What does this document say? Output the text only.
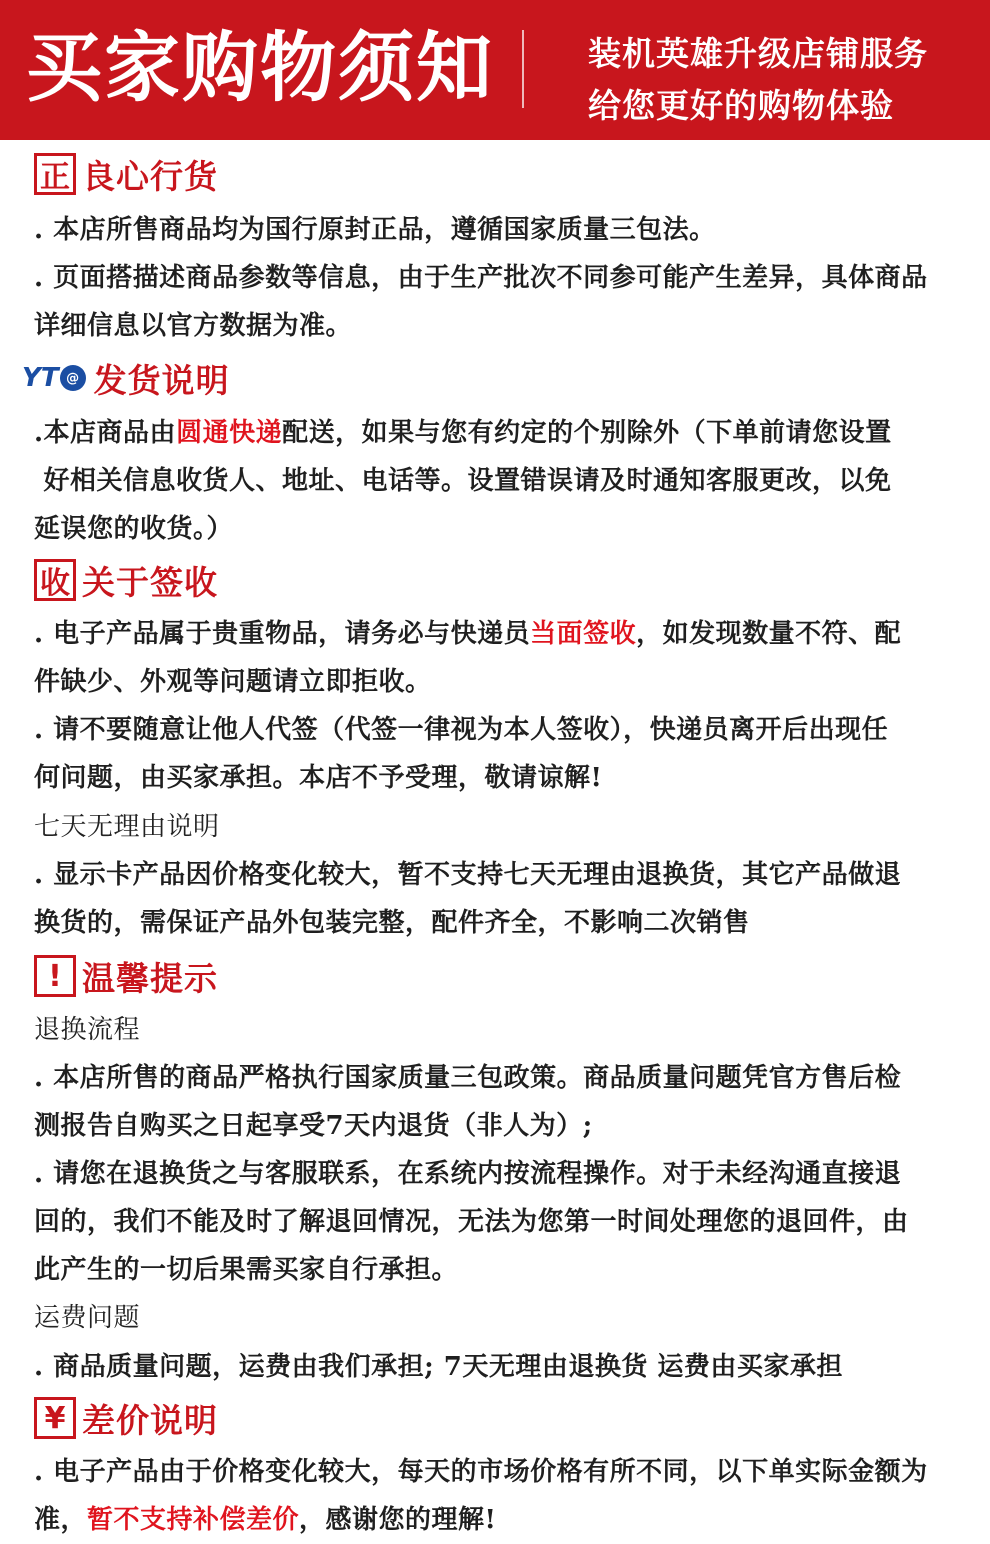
买家购物须知	装机英雄升级店铺服务
给您更好的购物体验
正 良心行货
. 本店所售商品均为国行原封正品，遵循国家质量三包法。
. 页面搭描述商品参数等信息，由于生产批次不同参可能产生差异，具体商品
详细信息以官方数据为准。
YT @ 发货说明
.本店商品由圆通快递配送，如果与您有约定的个别除外（下单前请您设置
好相关信息收货人、地址、电话等。设置错误请及时通知客服更改，以免
延误您的收货。）
收 关于签收
. 电子产品属于贵重物品，请务必与快递员当面签收，如发现数量不符、配
件缺少、外观等问题请立即拒收。
. 请不要随意让他人代签（代签一律视为本人签收），快递员离开后出现任
何问题，由买家承担。本店不予受理，敬请谅解!
七天无理由说明
. 显示卡产品因价格变化较大，暂不支持七天无理由退换货，其它产品做退
换货的，需保证产品外包装完整，配件齐全，不影响二次销售
! 温馨提示
退换流程
. 本店所售的商品严格执行国家质量三包政策。商品质量问题凭官方售后检
测报告自购买之日起享受7天内退货（非人为）;
. 请您在退换货之与客服联系，在系统内按流程操作。对于未经沟通直接退
回的，我们不能及时了解退回情况，无法为您第一时间处理您的退回件，由
此产生的一切后果需买家自行承担。
运费问题
. 商品质量问题，运费由我们承担; 7天无理由退换货 运费由买家承担
¥ 差价说明
. 电子产品由于价格变化较大，每天的市场价格有所不同，以下单实际金额为
准，暂不支持补偿差价，感谢您的理解!
